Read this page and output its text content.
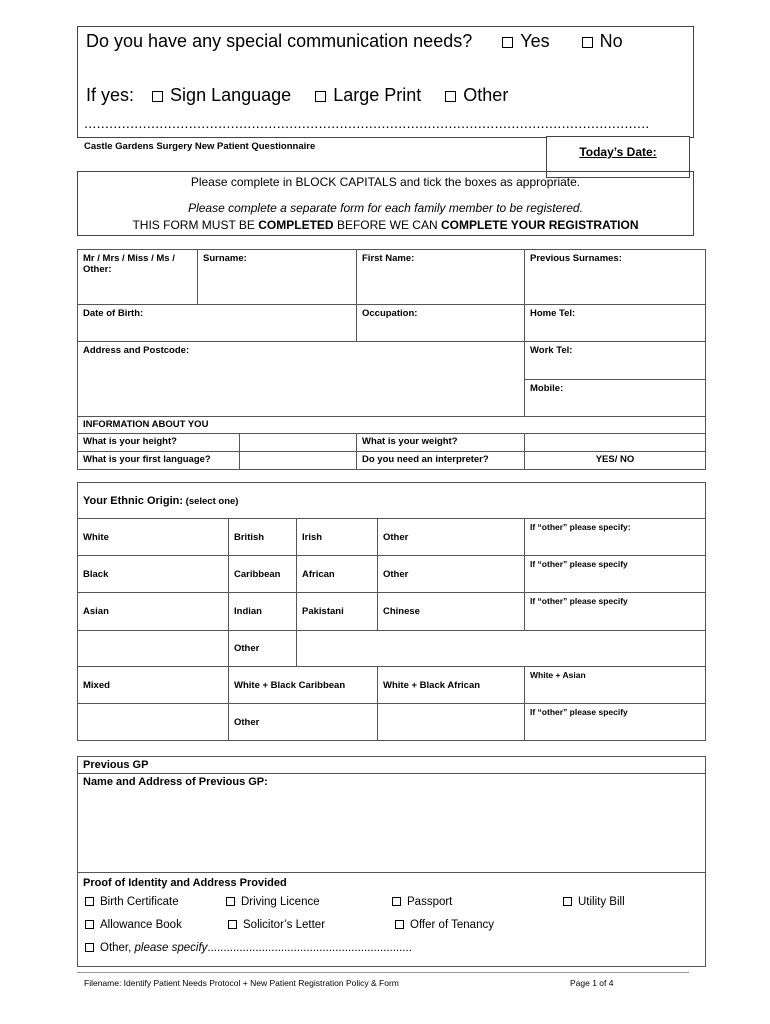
Do you have any special communication needs?	Yes	No
If yes: Sign Language Large Print Other
.......................................................................................................................................
Castle Gardens Surgery New Patient Questionnaire	Today’s Date:
Please complete in BLOCK CAPITALS and tick the boxes as appropriate.
Please complete a separate form for each family member to be registered.
THIS FORM MUST BE COMPLETED BEFORE WE CAN COMPLETE YOUR REGISTRATION
Mr / Mrs / Miss / Ms / Other:	Surname:	First Name:	Previous Surnames:
Date of Birth:		Occupation:	Home Tel:
Address and Postcode:			Work Tel:
			Mobile:
INFORMATION ABOUT YOU			
What is your height?		What is your weight?	
What is your first language?		Do you need an interpreter?	YES/ NO
Your Ethnic Origin: (select one)				
White	British	Irish	Other	If “other” please specify:
Black	Caribbean	African	Other	If “other” please specify
Asian	Indian	Pakistani	Chinese	If “other” please specify
	Other			
Mixed	White + Black Caribbean		White + Black African	White + Asian
	Other			If “other” please specify
Previous GP
Name and Address of Previous GP:

Proof of Identity and Address Provided
Birth Certificate	Driving Licence	Passport	Utility Bill
Allowance Book	Solicitor’s Letter	Offer of Tenancy
Other, please specify................................................................
Filename: Identify Patient Needs Protocol + New Patient Registration Policy & Form	Page 1 of 4
